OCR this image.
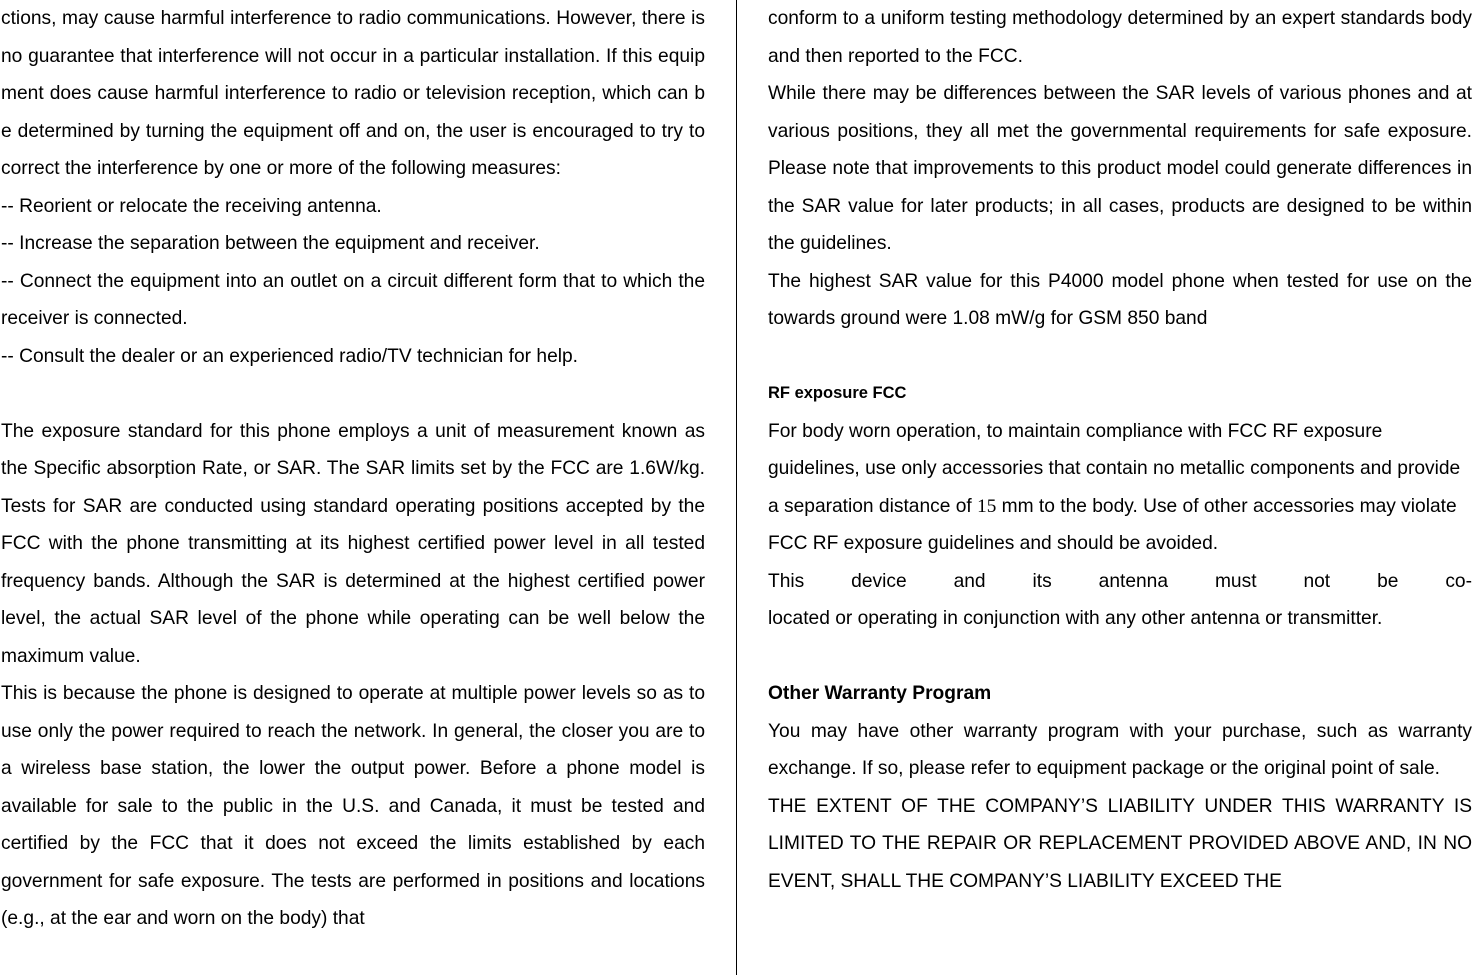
ctions, may cause harmful interference to radio communications. However, there is no guarantee that interference will not occur in a particular installation. If this equipment does cause harmful interference to radio or television reception, which can be determined by turning the equipment off and on, the user is encouraged to try to correct the interference by one or more of the following measures:

-- Reorient or relocate the receiving antenna.

-- Increase the separation between the equipment and receiver.

-- Connect the equipment into an outlet on a circuit different form that to which the receiver is connected.

-- Consult the dealer or an experienced radio/TV technician for help.

The exposure standard for this phone employs a unit of measurement known as the Specific absorption Rate, or SAR. The SAR limits set by the FCC are 1.6W/kg. Tests for SAR are conducted using standard operating positions accepted by the FCC with the phone transmitting at its highest certified power level in all tested frequency bands. Although the SAR is determined at the highest certified power level, the actual SAR level of the phone while operating can be well below the maximum value.

This is because the phone is designed to operate at multiple power levels so as to use only the power required to reach the network. In general, the closer you are to a wireless base station, the lower the output power. Before a phone model is available for sale to the public in the U.S. and Canada, it must be tested and certified by the FCC that it does not exceed the limits established by each government for safe exposure. The tests are performed in positions and locations (e.g., at the ear and worn on the body) that

conform to a uniform testing methodology determined by an expert standards body and then reported to the FCC.

While there may be differences between the SAR levels of various phones and at various positions, they all met the governmental requirements for safe exposure. Please note that improvements to this product model could generate differences in the SAR value for later products; in all cases, products are designed to be within the guidelines.

The highest SAR value for this P4000 model phone when tested for use on the towards ground were 1.08 mW/g for GSM 850 band

RF exposure FCC

For body worn operation, to maintain compliance with FCC RF exposure guidelines, use only accessories that contain no metallic components and provide a separation distance of 15 mm to the body. Use of other accessories may violate FCC RF exposure guidelines and should be avoided.

This device and its antenna must not be co-

located or operating in conjunction with any other antenna or transmitter.

Other Warranty Program

You may have other warranty program with your purchase, such as warranty exchange. If so, please refer to equipment package or the original point of sale.

THE EXTENT OF THE COMPANY’S LIABILITY UNDER THIS WARRANTY IS LIMITED TO THE REPAIR OR REPLACEMENT PROVIDED ABOVE AND, IN NO EVENT, SHALL THE COMPANY’S LIABILITY EXCEED THE
